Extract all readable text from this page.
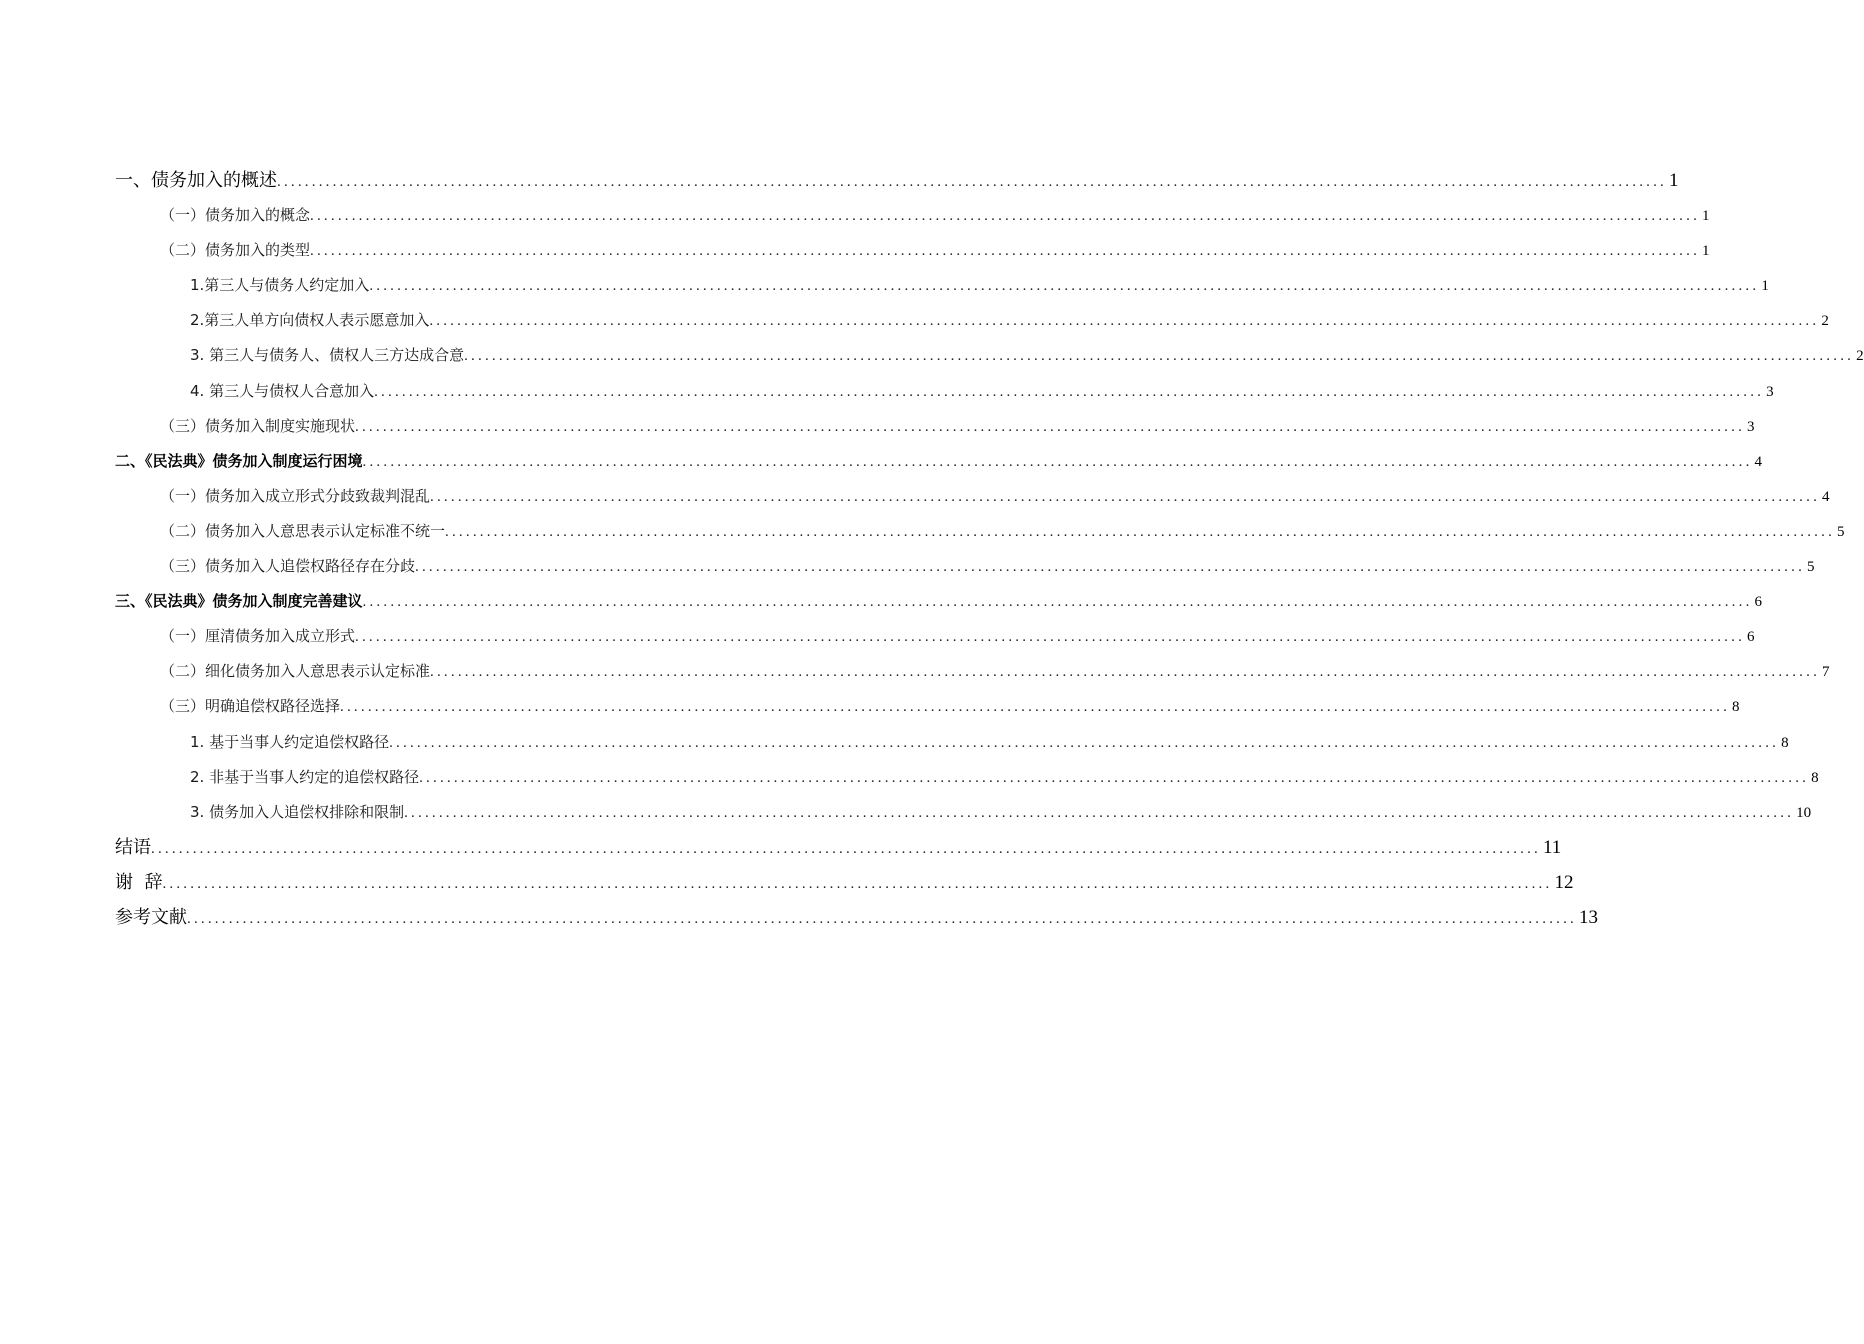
一、债务加入的概述 ........................................................................................................................................................................................................ 1
（一）债务加入的概念 ........................................................................................................................................................................................................ 1
（二）债务加入的类型 ........................................................................................................................................................................................................ 1
1.第三人与债务人约定加入 ........................................................................................................................................................................................................ 1
2.第三人单方向债权人表示愿意加入 ........................................................................................................................................................................................................ 2
3. 第三人与债务人、债权人三方达成合意 ........................................................................................................................................................................................................ 2
4. 第三人与债权人合意加入 ........................................................................................................................................................................................................ 3
（三）债务加入制度实施现状 ........................................................................................................................................................................................................ 3
二、《民法典》债务加入制度运行困境 ........................................................................................................................................................................................................ 4
（一）债务加入成立形式分歧致裁判混乱 ........................................................................................................................................................................................................ 4
（二）债务加入人意思表示认定标准不统一 ........................................................................................................................................................................................................ 5
（三）债务加入人追偿权路径存在分歧 ........................................................................................................................................................................................................ 5
三、《民法典》债务加入制度完善建议 ........................................................................................................................................................................................................ 6
（一）厘清债务加入成立形式 ........................................................................................................................................................................................................ 6
（二）细化债务加入人意思表示认定标准 ........................................................................................................................................................................................................ 7
（三）明确追偿权路径选择 ........................................................................................................................................................................................................ 8
1. 基于当事人约定追偿权路径 ........................................................................................................................................................................................................ 8
2. 非基于当事人约定的追偿权路径 ........................................................................................................................................................................................................ 8
3. 债务加入人追偿权排除和限制 ........................................................................................................................................................................................................ 10
结语 ........................................................................................................................................................................................................ 11
谢  辞 ........................................................................................................................................................................................................ 12
参考文献 ........................................................................................................................................................................................................ 13
